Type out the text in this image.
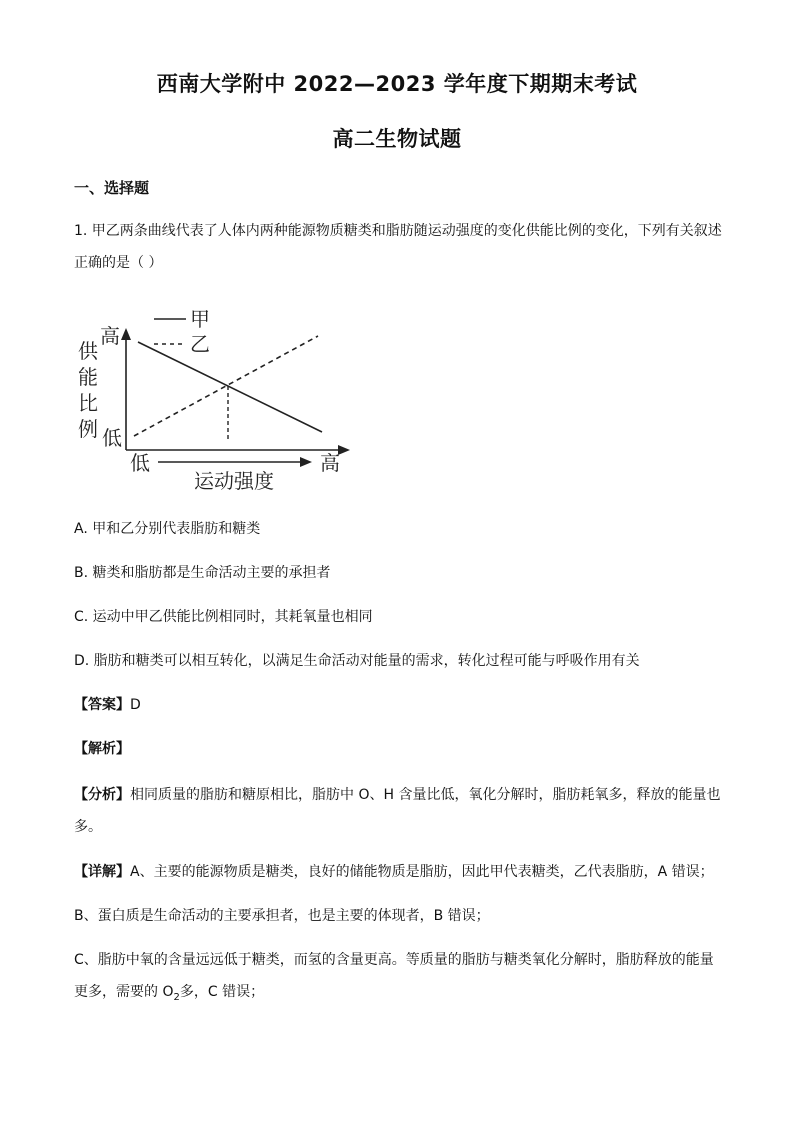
西南大学附中 2022—2023 学年度下期期末考试
高二生物试题
一、选择题
1. 甲乙两条曲线代表了人体内两种能源物质糖类和脂肪随运动强度的变化供能比例的变化，下列有关叙述
正确的是（ ）
甲
乙
高
低
供
能
比
例
低	高
运动强度
A. 甲和乙分别代表脂肪和糖类
B. 糖类和脂肪都是生命活动主要的承担者
C. 运动中甲乙供能比例相同时，其耗氧量也相同
D. 脂肪和糖类可以相互转化，以满足生命活动对能量的需求，转化过程可能与呼吸作用有关
【答案】D
【解析】
【分析】相同质量的脂肪和糖原相比，脂肪中 O、H 含量比低，氧化分解时，脂肪耗氧多，释放的能量也
多。
【详解】A、主要的能源物质是糖类，良好的储能物质是脂肪，因此甲代表糖类，乙代表脂肪，A 错误；
B、蛋白质是生命活动的主要承担者，也是主要的体现者，B 错误；
C、脂肪中氧的含量远远低于糖类，而氢的含量更高。等质量的脂肪与糖类氧化分解时，脂肪释放的能量
更多，需要的 $O_2$多，C 错误；
